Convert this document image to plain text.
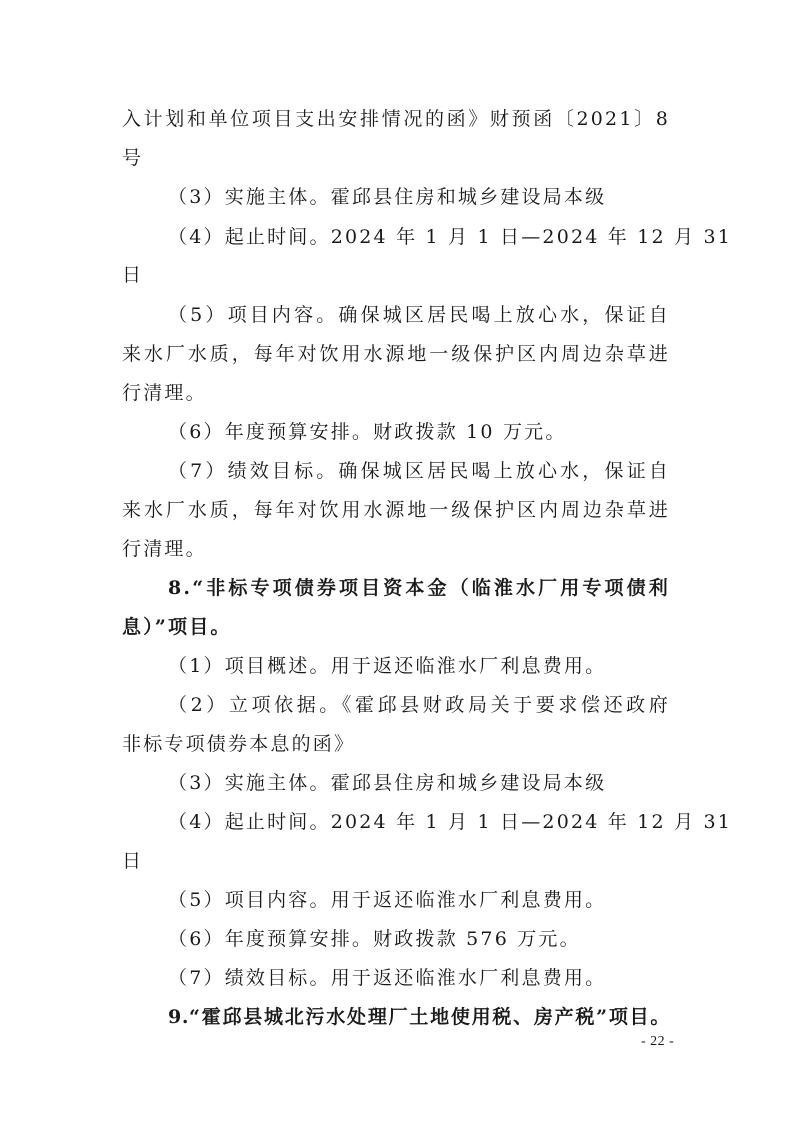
入计划和单位项目支出安排情况的函》财预函〔2021〕8
号
（3）实施主体。霍邱县住房和城乡建设局本级
（4）起止时间。2024 年 1 月 1 日—2024 年 12 月 31
日
（5）项目内容。确保城区居民喝上放心水，保证自
来水厂水质，每年对饮用水源地一级保护区内周边杂草进
行清理。
（6）年度预算安排。财政拨款 10 万元。
（7）绩效目标。确保城区居民喝上放心水，保证自
来水厂水质，每年对饮用水源地一级保护区内周边杂草进
行清理。
8.“非标专项债券项目资本金（临淮水厂用专项债利
息）”项目。
（1）项目概述。用于返还临淮水厂利息费用。
（2）立项依据。《霍邱县财政局关于要求偿还政府
非标专项债券本息的函》
（3）实施主体。霍邱县住房和城乡建设局本级
（4）起止时间。2024 年 1 月 1 日—2024 年 12 月 31
日
（5）项目内容。用于返还临淮水厂利息费用。
（6）年度预算安排。财政拨款 576 万元。
（7）绩效目标。用于返还临淮水厂利息费用。
9.“霍邱县城北污水处理厂土地使用税、房产税”项目。
- 22 -
